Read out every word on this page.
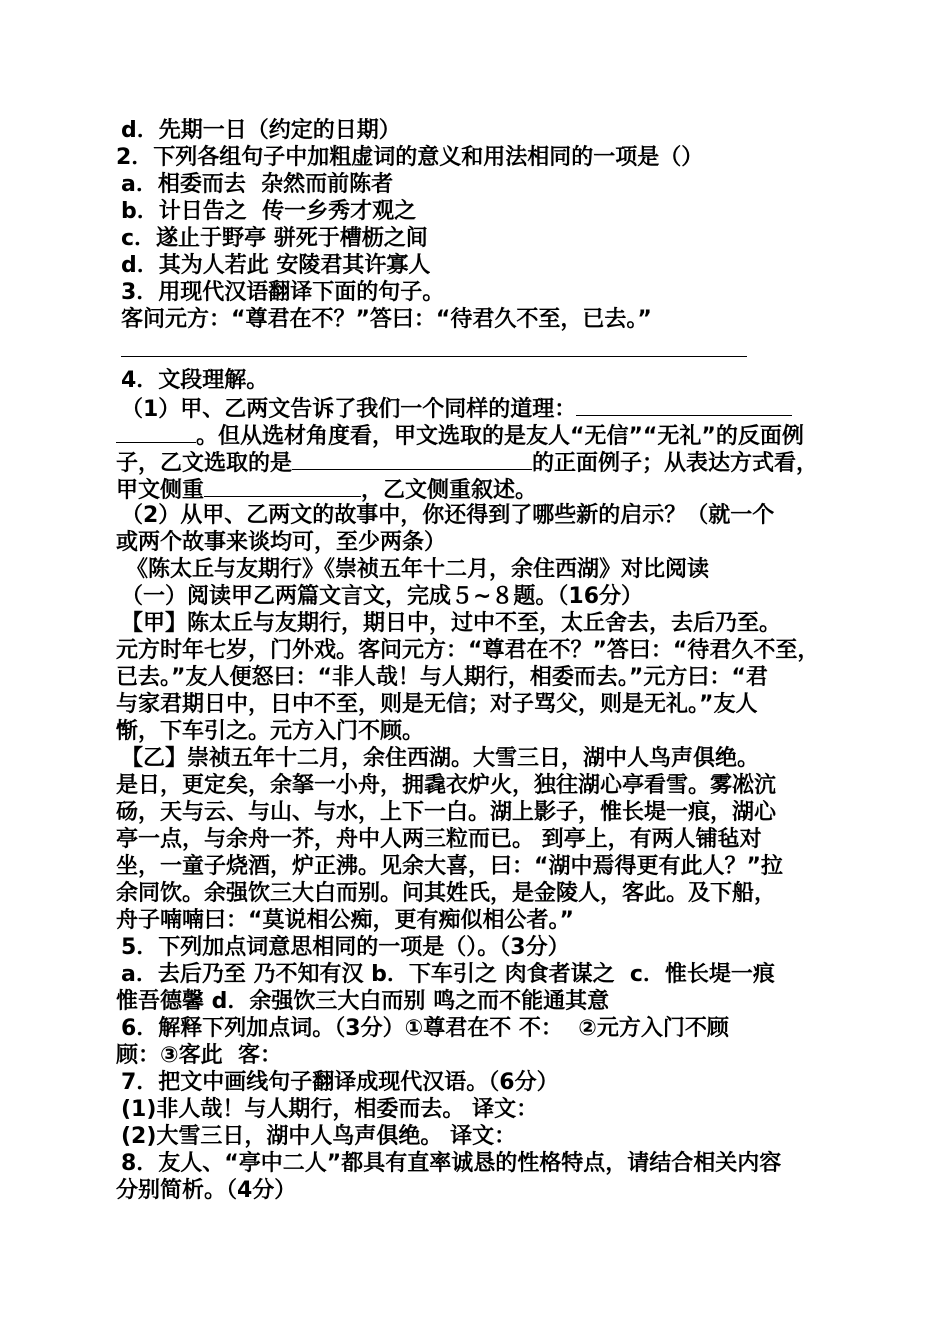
d．先期一日（约定的日期）
2．下列各组句子中加粗虚词的意义和用法相同的一项是（）
a．相委而去  杂然而前陈者
b．计日告之  传一乡秀才观之
c．遂止于野亭 骈死于槽枥之间
d．其为人若此 安陵君其许寡人
3．用现代汉语翻译下面的句子。
客问元方：“尊君在不？”答曰：“待君久不至，已去。”
4．文段理解。
（1）甲、乙两文告诉了我们一个同样的道理：
。但从选材角度看，甲文选取的是友人“无信”“无礼”的反面例
子，乙文选取的是	的正面例子；从表达方式看，
甲文侧重	，乙文侧重叙述。
（2）从甲、乙两文的故事中，你还得到了哪些新的启示？（就一个
或两个故事来谈均可，至少两条）
《陈太丘与友期行》《崇祯五年十二月，余住西湖》对比阅读
（一）阅读甲乙两篇文言文，完成５~８题。（16分）
【甲】陈太丘与友期行，期日中，过中不至，太丘舍去，去后乃至。
元方时年七岁，门外戏。客问元方：“尊君在不？”答曰：“待君久不至，
已去。”友人便怒曰：“非人哉！与人期行，相委而去。”元方曰：“君
与家君期日中，日中不至，则是无信；对子骂父，则是无礼。”友人
惭，下车引之。元方入门不顾。
【乙】崇祯五年十二月，余住西湖。大雪三日，湖中人鸟声俱绝。
是日，更定矣，余拏一小舟，拥毳衣炉火，独往湖心亭看雪。雾凇沆
砀，天与云、与山、与水，上下一白。湖上影子，惟长堤一痕，湖心
亭一点，与余舟一芥，舟中人两三粒而已。 到亭上，有两人铺毡对
坐，一童子烧酒，炉正沸。见余大喜，曰：“湖中焉得更有此人？”拉
余同饮。余强饮三大白而别。问其姓氏，是金陵人，客此。及下船，
舟子喃喃曰：“莫说相公痴，更有痴似相公者。”
5．下列加点词意思相同的一项是（）。（3分）
a．去后乃至 乃不知有汉 b．下车引之 肉食者谋之  c．惟长堤一痕
惟吾德馨 d．余强饮三大白而别 鸣之而不能通其意
6．解释下列加点词。（3分）①尊君在不 不：  ②元方入门不顾
顾：③客此  客：
7．把文中画线句子翻译成现代汉语。（6分）
(1)非人哉！与人期行，相委而去。 译文：
(2)大雪三日，湖中人鸟声俱绝。 译文：
8．友人、“亭中二人”都具有直率诚恳的性格特点，请结合相关内容
分别简析。（4分）
